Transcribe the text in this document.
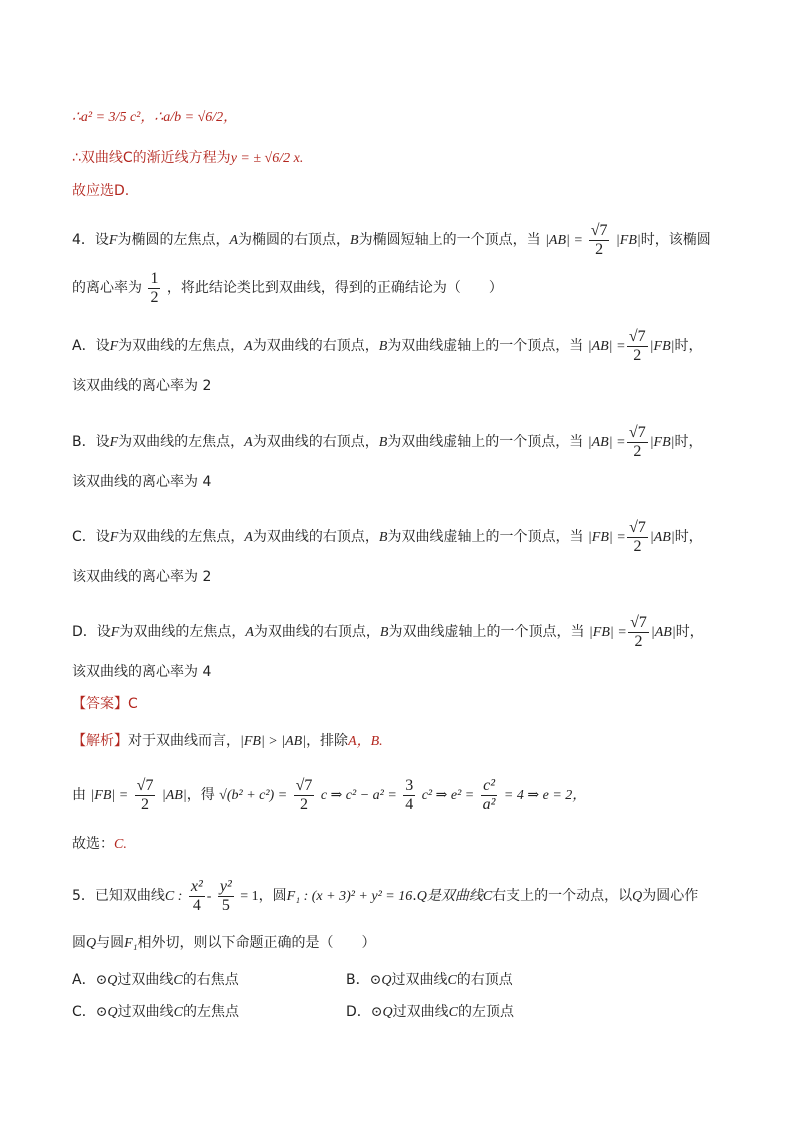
∴a² = 3/5 c²，∴a/b = √6/2，
∴双曲线C的渐近线方程为y = ± √6/2 x.
故应选D.
4．设F为椭圆的左焦点，A为椭圆的右顶点，B为椭圆短轴上的一个顶点，当 $|AB| = \frac{√7}{2} |FB|$时，该椭圆
的离心率为 $\frac{1}{2}$ ，将此结论类比到双曲线，得到的正确结论为（　　）
A．设F为双曲线的左焦点，A为双曲线的右顶点，B为双曲线虚轴上的一个顶点，当 $|AB| = \frac{√7}{2} |FB|$时，
该双曲线的离心率为 2
B．设F为双曲线的左焦点，A为双曲线的右顶点，B为双曲线虚轴上的一个顶点，当 $|AB| = \frac{√7}{2} |FB|$时，
该双曲线的离心率为 4
C．设F为双曲线的左焦点，A为双曲线的右顶点，B为双曲线虚轴上的一个顶点，当 $|FB| = \frac{√7}{2} |AB|$时，
该双曲线的离心率为 2
D．设F为双曲线的左焦点，A为双曲线的右顶点，B为双曲线虚轴上的一个顶点，当 $|FB| = \frac{√7}{2} |AB|$时，
该双曲线的离心率为 4
【答案】C
【解析】对于双曲线而言，|FB| > |AB|，排除A，B.
由 $|FB| = \frac{√7}{2} |AB|$，得 $√(b^2 + c^2) = \frac{√7}{2}$ c ⇒ $c^2 - a^2 = \frac{3}{4} c^2$ ⇒ $e^2 = \frac{\text{c²}}{\text{a²}} = 4$ ⇒ e = 2，
故选：C.
5．已知双曲线C : $\frac{\text{x²}}{4} - \frac{\text{y²}}{5} = 1$，圆F₁ : (x + 3)² + y² = 16.Q是双曲线C右支上的一个动点，以Q为圆心作
圆Q与圆F₁相外切，则以下命题正确的是（　　）
A．⊙Q过双曲线C的右焦点	B．⊙Q过双曲线C的右顶点
C．⊙Q过双曲线C的左焦点	D．⊙Q过双曲线C的左顶点
